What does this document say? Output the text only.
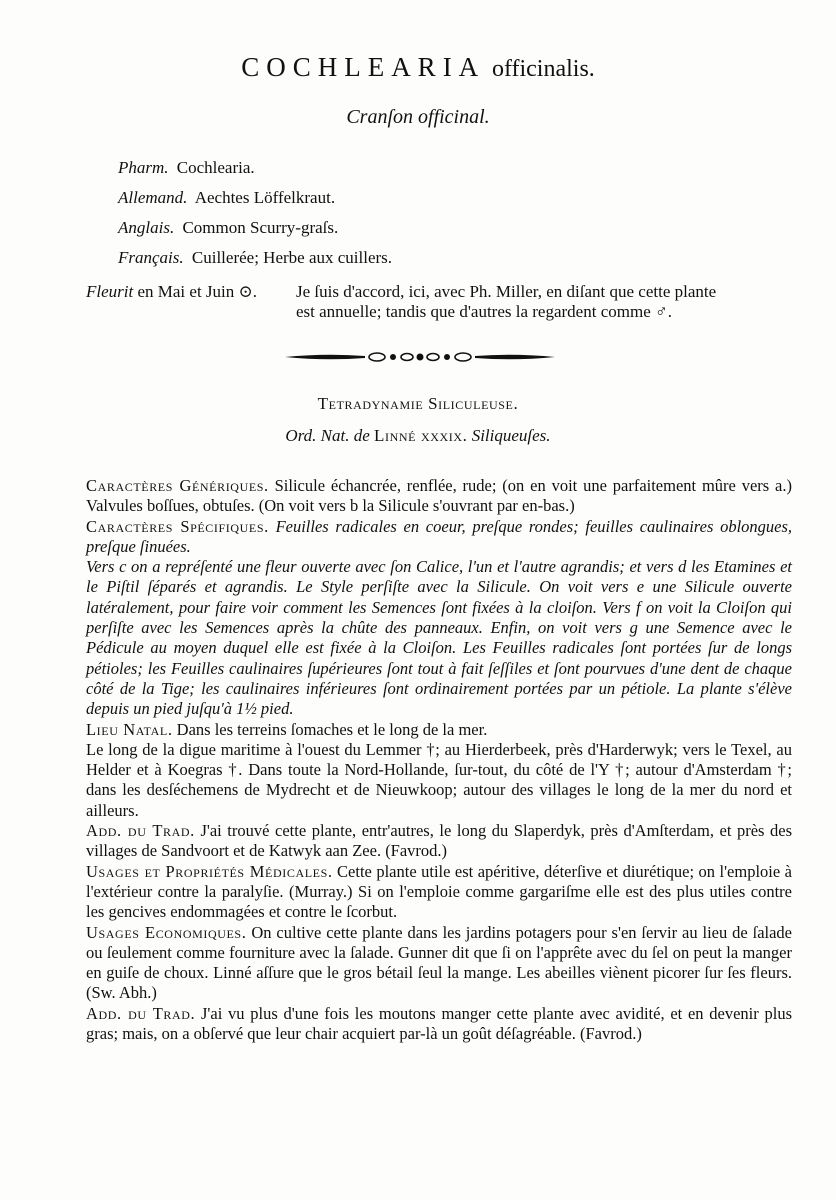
COCHLEARIA officinalis.
Cranſon officinal.
Pharm. Cochlearia.
Allemand. Aechtes Löffelkraut.
Anglais. Common Scurry-graſs.
Français. Cuillerée; Herbe aux cuillers.
Fleurit en Mai et Juin ⊙. Je ſuis d'accord, ici, avec Ph. Miller, en diſant que cette plante
est annuelle; tandis que d'autres la regardent comme ♂.
Tetradynamie Siliculeuse.
Ord. Nat. de Linné xxxix. Siliqueuſes.

Caractères Génériques. Silicule échancrée, renflée, rude; (on en voit une parfaitement mûre vers a.) Valvules boſſues, obtuſes. (On voit vers b la Silicule s'ouvrant par en-bas.)

Caractères Spécifiques. Feuilles radicales en coeur, preſque rondes; feuilles caulinaires oblongues, preſque ſinuées.

Vers c on a repréſenté une fleur ouverte avec ſon Calice, l'un et l'autre agrandis; et vers d les Etamines et le Piſtil ſéparés et agrandis. Le Style perſiſte avec la Silicule. On voit vers e une Silicule ouverte latéralement, pour faire voir comment les Semences ſont fixées à la cloiſon. Vers f on voit la Cloiſon qui perſiſte avec les Semences après la chûte des panneaux. Enfin, on voit vers g une Semence avec le Pédicule au moyen duquel elle est fixée à la Cloiſon. Les Feuilles radicales ſont portées ſur de longs pétioles; les Feuilles caulinaires ſupérieures ſont tout à fait ſeſſiles et ſont pourvues d'une dent de chaque côté de la Tige; les caulinaires inférieures ſont ordinairement portées par un pétiole. La plante s'élève depuis un pied juſqu'à 1½ pied.

Lieu Natal. Dans les terreins ſomaches et le long de la mer.

Le long de la digue maritime à l'ouest du Lemmer †; au Hierderbeek, près d'Harderwyk; vers le Texel, au Helder et à Koegras †. Dans toute la Nord-Hollande, ſur-tout, du côté de l'Y †; autour d'Amsterdam †; dans les desſéchemens de Mydrecht et de Nieuwkoop; autour des villages le long de la mer du nord et ailleurs.

Add. du Trad. J'ai trouvé cette plante, entr'autres, le long du Slaperdyk, près d'Amſterdam, et près des villages de Sandvoort et de Katwyk aan Zee. (Favrod.)

Usages et Propriétés Médicales. Cette plante utile est apéritive, déterſive et diurétique; on l'emploie à l'extérieur contre la paralyſie. (Murray.) Si on l'emploie comme gargariſme elle est des plus utiles contre les gencives endommagées et contre le ſcorbut.

Usages Economiques. On cultive cette plante dans les jardins potagers pour s'en ſervir au lieu de ſalade ou ſeulement comme fourniture avec la ſalade. Gunner dit que ſi on l'apprête avec du ſel on peut la manger en guiſe de choux. Linné aſſure que le gros bétail ſeul la mange. Les abeilles viènent picorer ſur ſes fleurs. (Sw. Abh.)

Add. du Trad. J'ai vu plus d'une fois les moutons manger cette plante avec avidité, et en devenir plus gras; mais, on a obſervé que leur chair acquiert par-là un goût déſagréable. (Favrod.)
